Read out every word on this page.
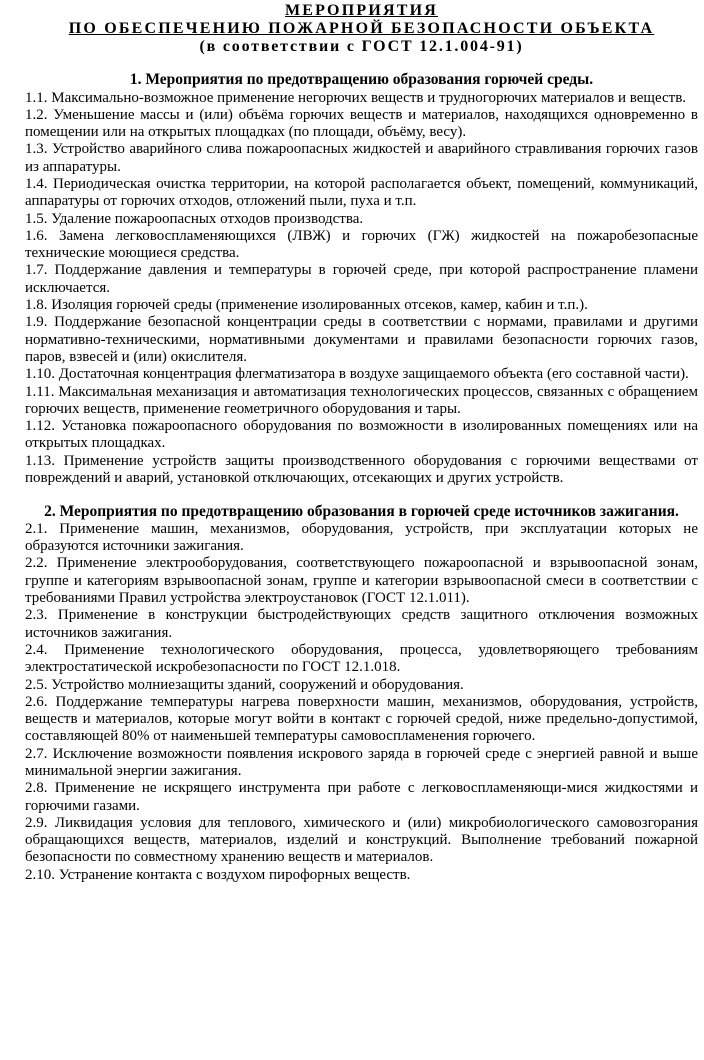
МЕРОПРИЯТИЯ

ПО ОБЕСПЕЧЕНИЮ ПОЖАРНОЙ БЕЗОПАСНОСТИ ОБЪЕКТА

(в соответствии с ГОСТ 12.1.004-91)

1. Мероприятия по предотвращению образования горючей среды.

1.1. Максимально-возможное применение негорючих веществ и трудногорючих материалов и веществ.

1.2. Уменьшение массы и (или) объёма горючих веществ и материалов, находящихся одновременно в помещении или на открытых площадках (по площади, объёму, весу).

1.3. Устройство аварийного слива пожароопасных жидкостей и аварийного стравливания горючих газов из аппаратуры.

1.4. Периодическая очистка территории, на которой располагается объект, помещений, коммуникаций, аппаратуры от горючих отходов, отложений пыли, пуха и т.п.

1.5. Удаление пожароопасных отходов производства.

1.6. Замена легковоспламеняющихся (ЛВЖ) и горючих (ГЖ) жидкостей на пожаробезопасные технические моющиеся средства.

1.7. Поддержание давления и температуры в горючей среде, при которой распространение пламени исключается.

1.8. Изоляция горючей среды (применение изолированных отсеков, камер, кабин и т.п.).

1.9. Поддержание безопасной концентрации среды в соответствии с нормами, правилами и другими нормативно-техническими, нормативными документами и правилами безопасности горючих газов, паров, взвесей и (или) окислителя.

1.10. Достаточная концентрация флегматизатора в воздухе защищаемого объекта (его составной части).

1.11. Максимальная механизация и автоматизация технологических процессов, связанных с обращением горючих веществ, применение геометричного оборудования и тары.

1.12. Установка пожароопасного оборудования по возможности в изолированных помещениях или на открытых площадках.

1.13. Применение устройств защиты производственного оборудования с горючими веществами от повреждений и аварий, установкой отключающих, отсекающих и других устройств.

2. Мероприятия по предотвращению образования в горючей среде источников зажигания.

2.1. Применение машин, механизмов, оборудования, устройств, при эксплуатации которых не образуются источники зажигания.

2.2. Применение электрооборудования, соответствующего пожароопасной и взрывоопасной зонам, группе и категориям взрывоопасной зонам, группе и категории взрывоопасной смеси в соответствии с требованиями Правил устройства электроустановок (ГОСТ 12.1.011).

2.3. Применение в конструкции быстродействующих средств защитного отключения возможных источников зажигания.

2.4. Применение технологического оборудования, процесса, удовлетворяющего требованиям электростатической искробезопасности по ГОСТ 12.1.018.

2.5. Устройство молниезащиты зданий, сооружений и оборудования.

2.6. Поддержание температуры нагрева поверхности машин, механизмов, оборудования, устройств, веществ и материалов, которые могут войти в контакт с горючей средой, ниже предельно-допустимой, составляющей 80% от наименьшей температуры самовоспламенения горючего.

2.7. Исключение возможности появления искрового заряда в горючей среде с энергией равной и выше минимальной энергии зажигания.

2.8. Применение не искрящего инструмента при работе с легковоспламеняющи-мися жидкостями и горючими газами.

2.9. Ликвидация условия для теплового, химического и (или) микробиологического самовозгорания обращающихся веществ, материалов, изделий и конструкций. Выполнение требований пожарной безопасности по совместному хранению веществ и материалов.

2.10. Устранение контакта с воздухом пирофорных веществ.
